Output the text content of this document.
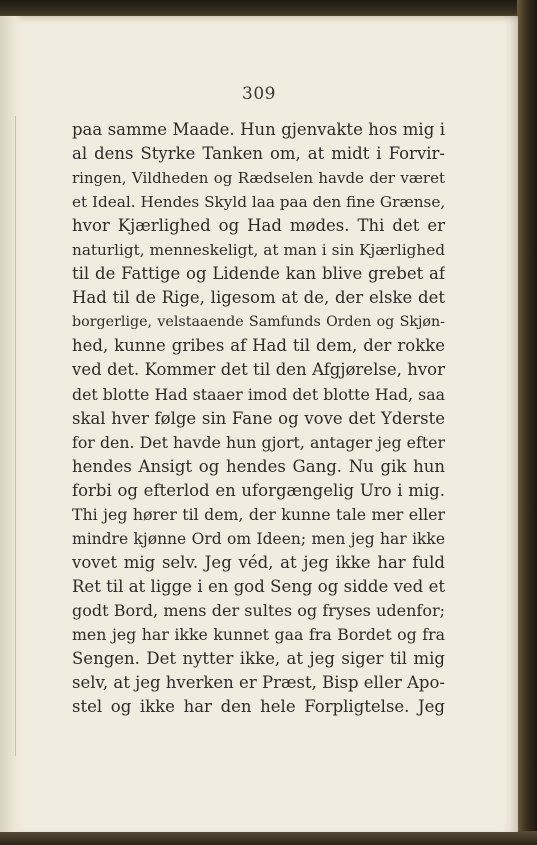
309
paa samme Maade. Hun gjenvakte hos mig i
al dens Styrke Tanken om, at midt i Forvir-
ringen, Vildheden og Rædselen havde der været
et Ideal. Hendes Skyld laa paa den fine Grænse,
hvor Kjærlighed og Had mødes. Thi det er
naturligt, menneskeligt, at man i sin Kjærlighed
til de Fattige og Lidende kan blive grebet af
Had til de Rige, ligesom at de, der elske det
borgerlige, velstaaende Samfunds Orden og Skjøn-
hed, kunne gribes af Had til dem, der rokke
ved det. Kommer det til den Afgjørelse, hvor
det blotte Had staaer imod det blotte Had, saa
skal hver følge sin Fane og vove det Yderste
for den. Det havde hun gjort, antager jeg efter
hendes Ansigt og hendes Gang. Nu gik hun
forbi og efterlod en uforgængelig Uro i mig.
Thi jeg hører til dem, der kunne tale mer eller
mindre kjønne Ord om Ideen; men jeg har ikke
vovet mig selv. Jeg véd, at jeg ikke har fuld
Ret til at ligge i en god Seng og sidde ved et
godt Bord, mens der sultes og fryses udenfor;
men jeg har ikke kunnet gaa fra Bordet og fra
Sengen. Det nytter ikke, at jeg siger til mig
selv, at jeg hverken er Præst, Bisp eller Apo-
stel og ikke har den hele Forpligtelse. Jeg
